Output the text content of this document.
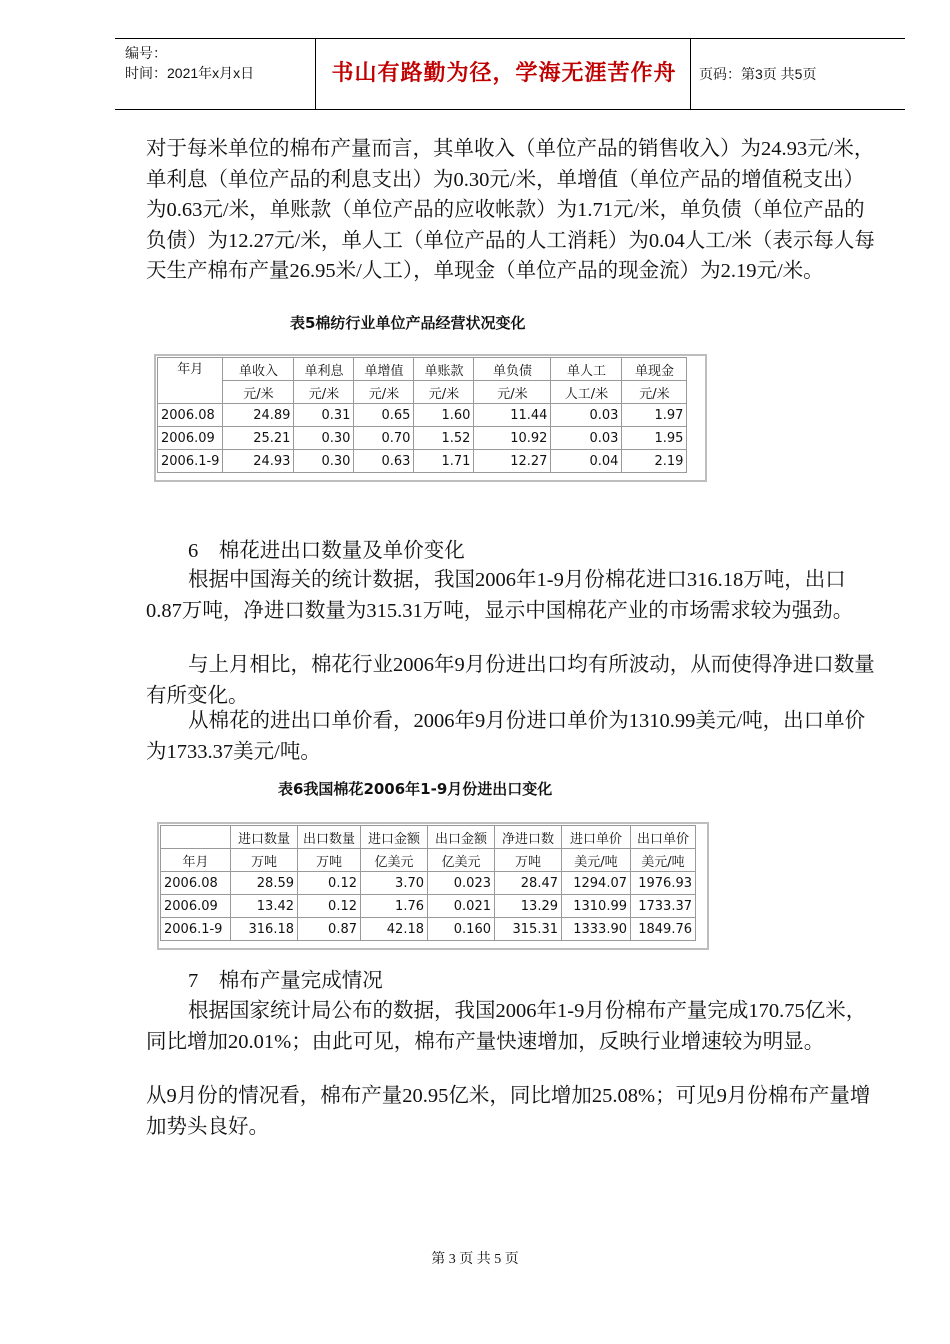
编号：
时间：2021年x月x日	书山有路勤为径，学海无涯苦作舟	页码：第3页 共5页

对于每米单位的棉布产量而言，其单收入（单位产品的销售收入）为24.93元/米，单利息（单位产品的利息支出）为0.30元/米，单增值（单位产品的增值税支出）为0.63元/米，单账款（单位产品的应收帐款）为1.71元/米，单负债（单位产品的负债）为12.27元/米，单人工（单位产品的人工消耗）为0.04人工/米（表示每人每天生产棉布产量26.95米/人工），单现金（单位产品的现金流）为2.19元/米。

表5棉纺行业单位产品经营状况变化
年月	单收入	单利息	单增值	单账款	单负债	单人工	单现金
	元/米	元/米	元/米	元/米	元/米	人工/米	元/米
2006.08	24.89	0.31	0.65	1.60	11.44	0.03	1.97
2006.09	25.21	0.30	0.70	1.52	10.92	0.03	1.95
2006.1-9	24.93	0.30	0.63	1.71	12.27	0.04	2.19

6　棉花进出口数量及单价变化

根据中国海关的统计数据，我国2006年1-9月份棉花进口316.18万吨，出口0.87万吨，净进口数量为315.31万吨，显示中国棉花产业的市场需求较为强劲。

与上月相比，棉花行业2006年9月份进出口均有所波动，从而使得净进口数量有所变化。

从棉花的进出口单价看，2006年9月份进口单价为1310.99美元/吨，出口单价为1733.37美元/吨。

表6我国棉花2006年1-9月份进出口变化
	进口数量	出口数量	进口金额	出口金额	净进口数	进口单价	出口单价
年月	万吨	万吨	亿美元	亿美元	万吨	美元/吨	美元/吨
2006.08	28.59	0.12	3.70	0.023	28.47	1294.07	1976.93
2006.09	13.42	0.12	1.76	0.021	13.29	1310.99	1733.37
2006.1-9	316.18	0.87	42.18	0.160	315.31	1333.90	1849.76

7　棉布产量完成情况

根据国家统计局公布的数据，我国2006年1-9月份棉布产量完成170.75亿米，同比增加20.01%；由此可见，棉布产量快速增加，反映行业增速较为明显。

从9月份的情况看，棉布产量20.95亿米，同比增加25.08%；可见9月份棉布产量增加势头良好。

第 3 页 共 5 页
